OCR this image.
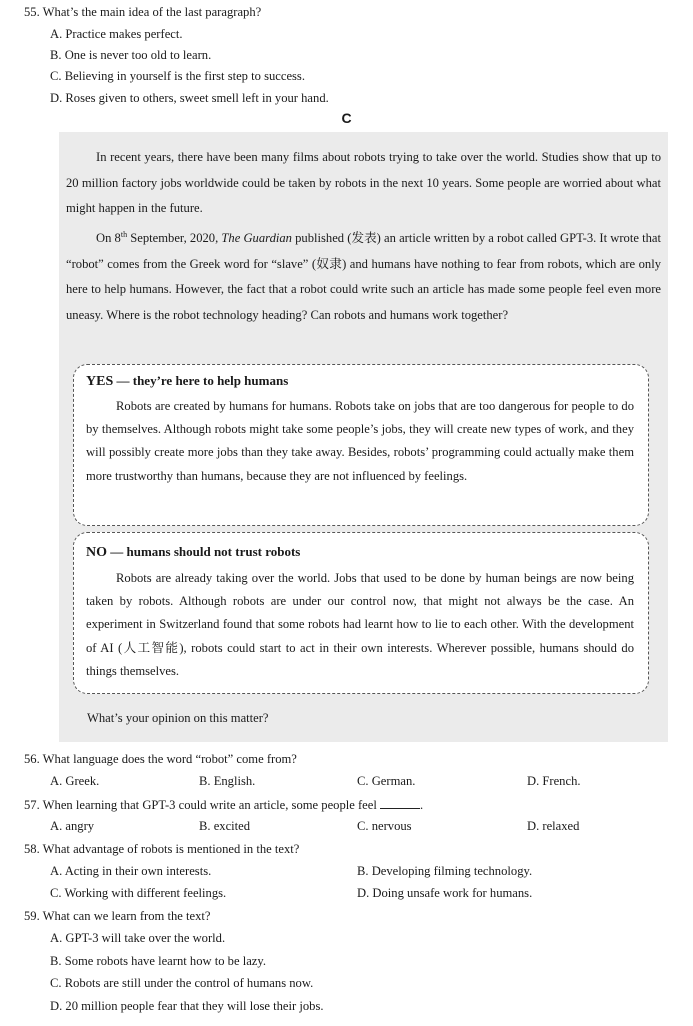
55. What’s the main idea of the last paragraph?
A. Practice makes perfect.
B. One is never too old to learn.
C. Believing in yourself is the first step to success.
D. Roses given to others, sweet smell left in your hand.
C

In recent years, there have been many films about robots trying to take over the world. Studies show that up to 20 million factory jobs worldwide could be taken by robots in the next 10 years. Some people are worried about what might happen in the future.

On 8th September, 2020, The Guardian published (发表) an article written by a robot called GPT-3. It wrote that “robot” comes from the Greek word for “slave” (奴隶) and humans have nothing to fear from robots, which are only here to help humans. However, the fact that a robot could write such an article has made some people feel even more uneasy. Where is the robot technology heading? Can robots and humans work together?

YES — they’re here to help humans

Robots are created by humans for humans. Robots take on jobs that are too dangerous for people to do by themselves. Although robots might take some people’s jobs, they will create new types of work, and they will possibly create more jobs than they take away. Besides, robots’ programming could actually make them more trustworthy than humans, because they are not influenced by feelings.

NO — humans should not trust robots

Robots are already taking over the world. Jobs that used to be done by human beings are now being taken by robots. Although robots are under our control now, that might not always be the case. An experiment in Switzerland found that some robots had learnt how to lie to each other. With the development of AI (人工智能), robots could start to act in their own interests. Wherever possible, humans should do things themselves.

What’s your opinion on this matter?
56. What language does the word “robot” come from?
A. Greek.	B. English.	C. German.	D. French.
57. When learning that GPT-3 could write an article, some people feel	.
A. angry	B. excited	C. nervous	D. relaxed
58. What advantage of robots is mentioned in the text?
A. Acting in their own interests.	B. Developing filming technology.
C. Working with different feelings.	D. Doing unsafe work for humans.
59. What can we learn from the text?
A. GPT-3 will take over the world.
B. Some robots have learnt how to be lazy.
C. Robots are still under the control of humans now.
D. 20 million people fear that they will lose their jobs.
